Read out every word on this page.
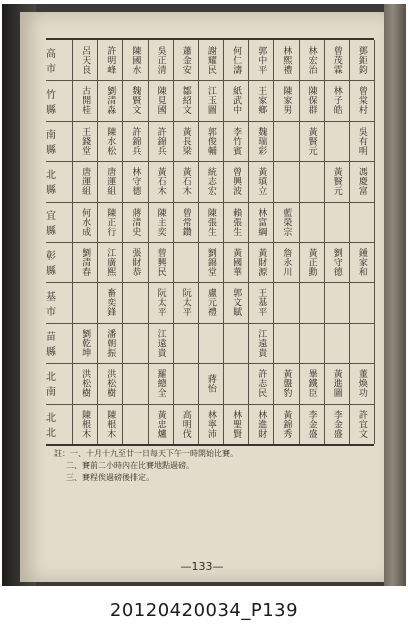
高市
竹縣
南縣
北縣
宜縣
彰縣
基市
苗縣
北南
北北
鄧鉅鈞
曾棠村
吳有明
馮慶富
鍾家和
董煥功
許宜文
曾茂霖
林子皓
黃賢元
劉守德
黃進圖
李金盛
林宏治
陳保群
黃賢元
黃正勳
畢鐵臣
李金盛
林熙禮
陳家男
藍榮宗
詹永川
黃盤豹
黃錦秀
郭中平
王家鄉
魏瑞彩
黃填立
林富綱
黃財源
王基平
江遠貴
許志民
林進財
何仁濤
紙武中
李竹賓
曾興波
賴張生
黃國華
郭文賦
林聖賢
謝耀民
江玉圖
郭俊輔
統志宏
陳張生
劉錦堂
盧元禮
蔣怡
林寧沛
蕭金安
鄒紹文
黃長梁
黃石木
曾常鑽
阮太平
高明伐
吳正清
陳見國
許錦兵
黃石木
陳主奕
曾興民
阮太平
江遠貴
羅總全
黃忠爐
陳國水
魏賢文
許錦兵
林守德
蔣清史
張財恭
許明峰
劉清淼
陳水松
唐運組
陳正行
江廣熙
畜奕鋒
潘朝振
洪松樹
陳根木
呂天良
古開桂
王錢堂
唐運組
何水成
劉清春
劉乾坤
洪松樹
陳根木
註：一、十月十九至廿一日每天下午一時開始比賽。
二、賽前二小時內在比賽地點過磅。
三、賽程俟過磅後排定。
—133—
20120420034_P139
